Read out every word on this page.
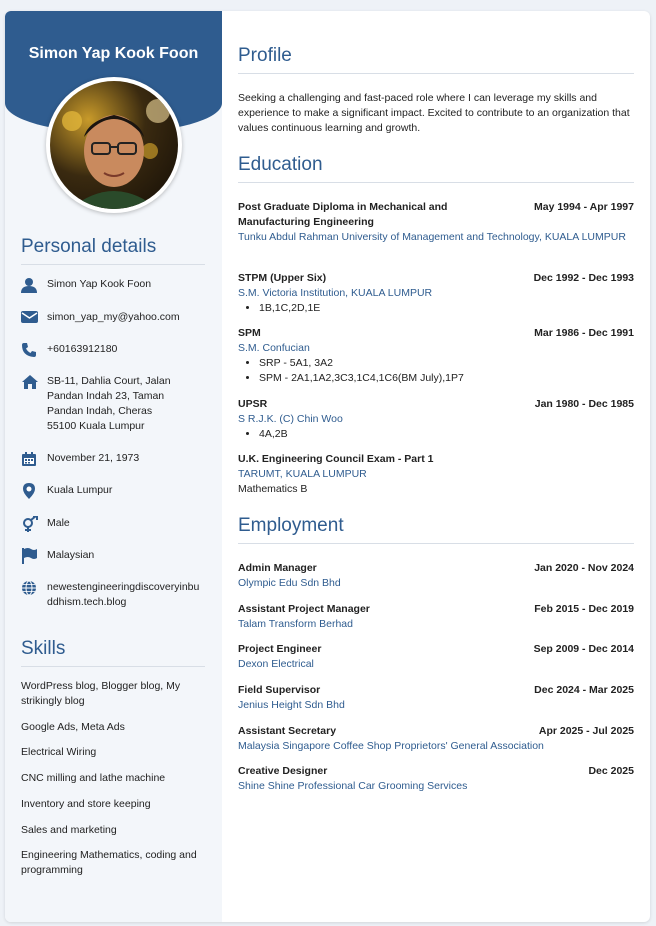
Simon Yap Kook Foon
Personal details
Simon Yap Kook Foon
simon_yap_my@yahoo.com
+60163912180
SB-11, Dahlia Court, Jalan
Pandan Indah 23, Taman
Pandan Indah, Cheras
55100 Kuala Lumpur
November 21, 1973
Kuala Lumpur
Male
Malaysian
newestengineeringdiscoveryinbu
ddhism.tech.blog
Skills
WordPress blog, Blogger blog, My strikingly blog
Google Ads, Meta Ads
Electrical Wiring
CNC milling and lathe machine
Inventory and store keeping
Sales and marketing
Engineering Mathematics, coding and programming
Profile
Seeking a challenging and fast-paced role where I can leverage my skills and experience to make a significant impact. Excited to contribute to an organization that values continuous learning and growth.
Education
Post Graduate Diploma in Mechanical and Manufacturing Engineering
May 1994 - Apr 1997
Tunku Abdul Rahman University of Management and Technology, KUALA LUMPUR
STPM (Upper Six)	Dec 1992 - Dec 1993
S.M. Victoria Institution, KUALA LUMPUR
• 1B,1C,2D,1E
SPM	Mar 1986 - Dec 1991
S.M. Confucian
• SRP - 5A1, 3A2
• SPM - 2A1,1A2,3C3,1C4,1C6(BM July),1P7
UPSR	Jan 1980 - Dec 1985
S R.J.K. (C) Chin Woo
• 4A,2B
U.K. Engineering Council Exam - Part 1
TARUMT, KUALA LUMPUR
Mathematics B
Employment
Admin Manager	Jan 2020 - Nov 2024
Olympic Edu Sdn Bhd
Assistant Project Manager	Feb 2015 - Dec 2019
Talam Transform Berhad
Project Engineer	Sep 2009 - Dec 2014
Dexon Electrical
Field Supervisor	Dec 2024 - Mar 2025
Jenius Height Sdn Bhd
Assistant Secretary	Apr 2025 - Jul 2025
Malaysia Singapore Coffee Shop Proprietors' General Association
Creative Designer	Dec 2025
Shine Shine Professional Car Grooming Services
